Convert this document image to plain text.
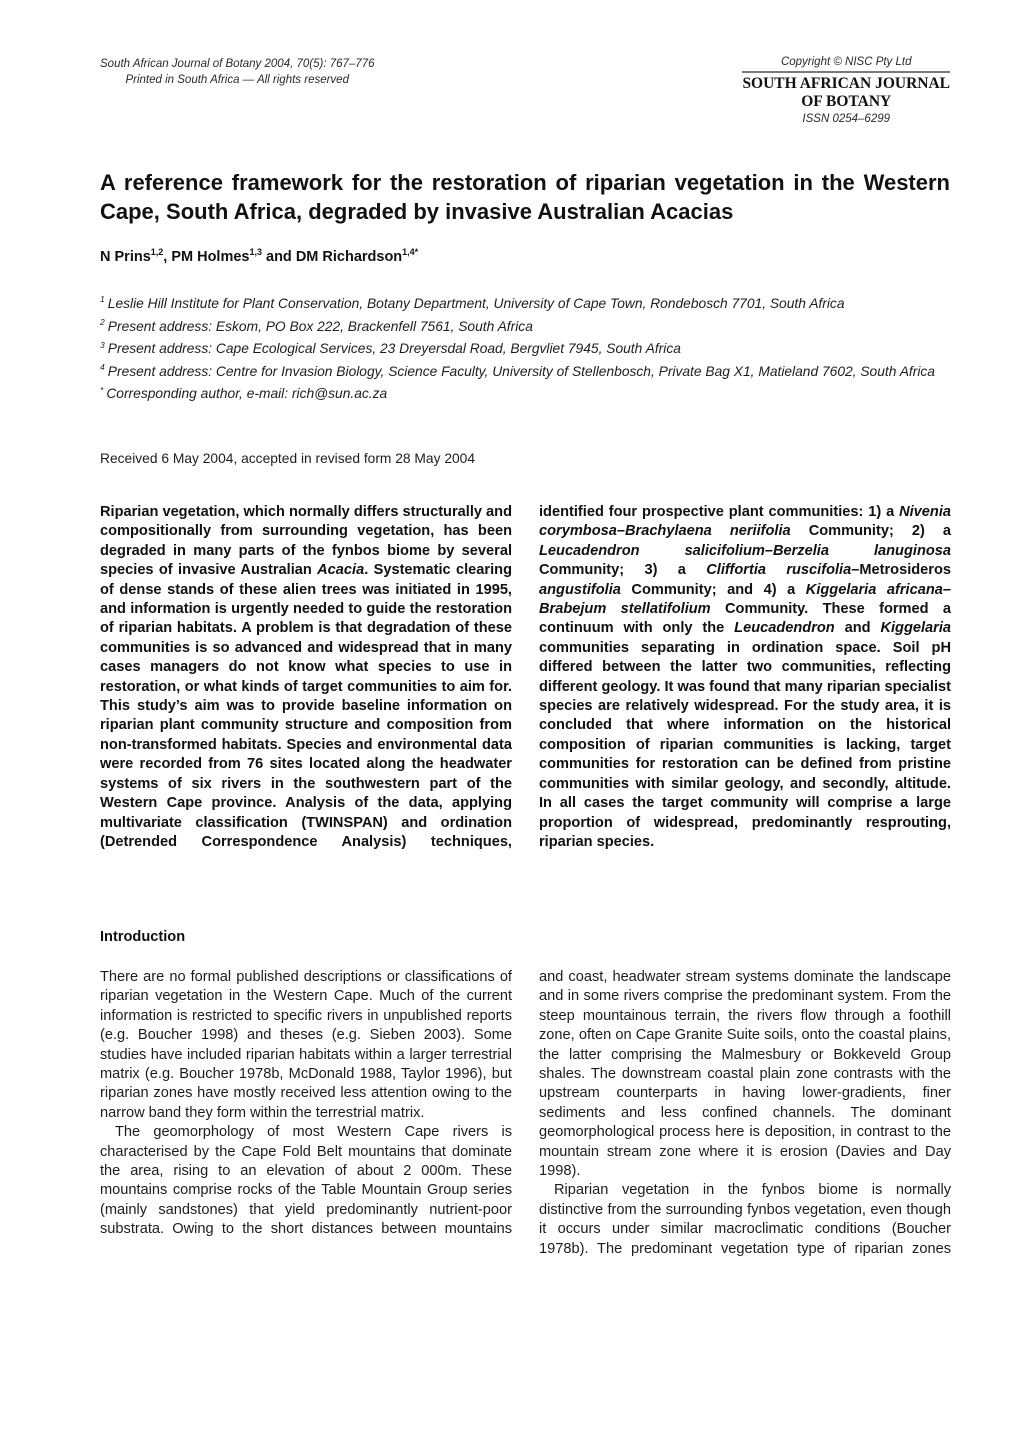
South African Journal of Botany 2004, 70(5): 767–776
Printed in South Africa — All rights reserved
Copyright © NISC Pty Ltd
SOUTH AFRICAN JOURNAL
OF BOTANY
ISSN 0254–6299
A reference framework for the restoration of riparian vegetation in the Western Cape, South Africa, degraded by invasive Australian Acacias
N Prins$^{1,2}$, PM Holmes$^{1,3}$ and DM Richardson$^{1,4*}$
$^1$ Leslie Hill Institute for Plant Conservation, Botany Department, University of Cape Town, Rondebosch 7701, South Africa
$^2$ Present address: Eskom, PO Box 222, Brackenfell 7561, South Africa
$^3$ Present address: Cape Ecological Services, 23 Dreyersdal Road, Bergvliet 7945, South Africa
$^4$ Present address: Centre for Invasion Biology, Science Faculty, University of Stellenbosch, Private Bag X1, Matieland 7602, South Africa
* Corresponding author, e-mail: rich@sun.ac.za
Received 6 May 2004, accepted in revised form 28 May 2004
Riparian vegetation, which normally differs structurally and compositionally from surrounding vegetation, has been degraded in many parts of the fynbos biome by several species of invasive Australian Acacia. Systematic clearing of dense stands of these alien trees was initiated in 1995, and information is urgently needed to guide the restoration of riparian habitats. A problem is that degradation of these communities is so advanced and widespread that in many cases managers do not know what species to use in restoration, or what kinds of target communities to aim for. This study’s aim was to provide baseline information on riparian plant community structure and composition from non-transformed habitats. Species and environmental data were recorded from 76 sites located along the headwater systems of six rivers in the southwestern part of the Western Cape province. Analysis of the data, applying multivariate classification (TWINSPAN) and ordination (Detrended Correspondence Analysis) techniques,
identified four prospective plant communities: 1) a Nivenia corymbosa–Brachylaena neriifolia Community; 2) a Leucadendron salicifolium–Berzelia lanuginosa Community; 3) a Cliffortia ruscifolia–Metrosideros angustifolia Community; and 4) a Kiggelaria africana–Brabejum stellatifolium Community. These formed a continuum with only the Leucadendron and Kiggelaria communities separating in ordination space. Soil pH differed between the latter two communities, reflecting different geology. It was found that many riparian specialist species are relatively widespread. For the study area, it is concluded that where information on the historical composition of riparian communities is lacking, target communities for restoration can be defined from pristine communities with similar geology, and secondly, altitude. In all cases the target community will comprise a large proportion of widespread, predominantly resprouting, riparian species.
Introduction

There are no formal published descriptions or classifications of riparian vegetation in the Western Cape. Much of the current information is restricted to specific rivers in unpublished reports (e.g. Boucher 1998) and theses (e.g. Sieben 2003). Some studies have included riparian habitats within a larger terrestrial matrix (e.g. Boucher 1978b, McDonald 1988, Taylor 1996), but riparian zones have mostly received less attention owing to the narrow band they form within the terrestrial matrix.

The geomorphology of most Western Cape rivers is characterised by the Cape Fold Belt mountains that dominate the area, rising to an elevation of about 2 000m. These mountains comprise rocks of the Table Mountain Group series (mainly sandstones) that yield predominantly nutrient-poor substrata. Owing to the short distances between mountains

and coast, headwater stream systems dominate the landscape and in some rivers comprise the predominant system. From the steep mountainous terrain, the rivers flow through a foothill zone, often on Cape Granite Suite soils, onto the coastal plains, the latter comprising the Malmesbury or Bokkeveld Group shales. The downstream coastal plain zone contrasts with the upstream counterparts in having lower-gradients, finer sediments and less confined channels. The dominant geomorphological process here is deposition, in contrast to the mountain stream zone where it is erosion (Davies and Day 1998).

Riparian vegetation in the fynbos biome is normally distinctive from the surrounding fynbos vegetation, even though it occurs under similar macroclimatic conditions (Boucher 1978b). The predominant vegetation type of riparian zones
